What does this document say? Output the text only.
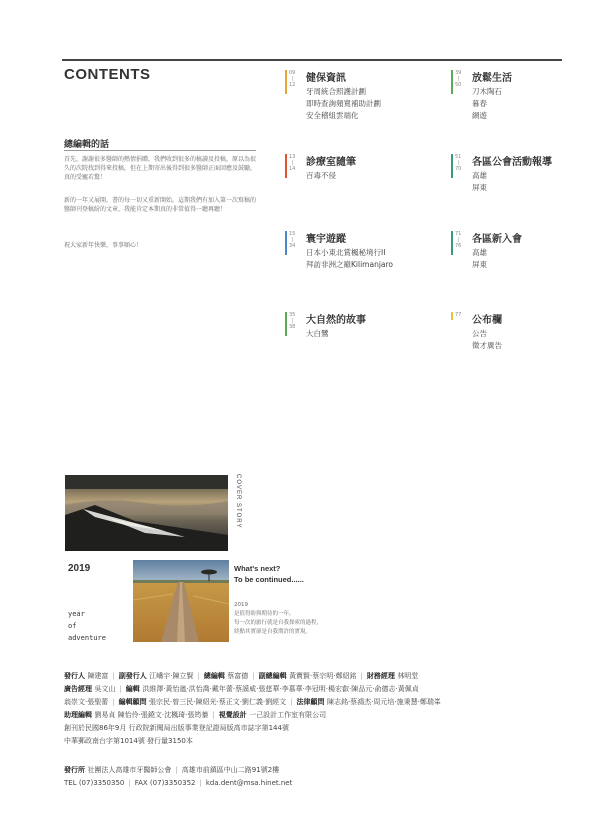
CONTENTS
總編輯的話
首先，謝謝很多醫師的熱情捐贈，我們收到很多的稿讀及投稿，原以為很久的次院找到得來投稿，但在上期寄出後得到很多醫師正面回應及鼓勵，真的受寵若驚！
新的一年又展開，書的每一切又重新開始。這期我們有加入第一次寫稿的醫師刊登稿紛的文章，我能肯定本期真的非常值得一聽再聽！
祝大家新年快樂，事事順心！
09
|
12
健保資訊
牙周統合照護計劃
即時查詢頻寬補助計劃
安全稽組雲端化
13
|
14
診療室隨筆
百毒不侵
15
|
34
寰宇遊蹤
日本小東北賞楓秘境行II
拜訪非洲之巔Kilimanjaro
35
|
38
大自然的故事
大白鷺
39
|
50
放鬆生活
刀木陶石
暮春
網遊
51
|
70
各區公會活動報導
高雄
屏東
71
|
76
各區新入會
高雄
屏東
77	公布欄
公告
徵才廣告
COVER STORY
2019
year
of
adventure
What's next?
To be continued......
2019
是值得盼與期待的一年，
每一次的旅行就是自我探索的過程，
終點其實卻是自我期許的實現。
發行人 陳建富 | 副發行人 江嶠宇‧陳立賢 | 總編輯 蔡富德 | 副總編輯 黃寶賢‧蔡宗明‧鄭紹銘 | 財務經理 林明堂
廣告經理 吳文山 | 編輯 洪維澤‧黃怡嵐‧洪怡喬‧戴年蕾‧蔡謨威‧張莛華‧李慕華‧李冠明‧楊宏叡‧陳品元‧俞德志‧黃佩貞
翁崇文‧張聖蕾 | 編輯顧問 張宗民‧曾三民‧陳紹光‧蔡正文‧劉仁義‧劉經文 | 法律顧問 陳志銘‧蔡鴻杰‧周元培‧施秉慧‧鄭瑞峯
助理編輯 劉易貞 陳怡伶‧張鐃文‧沈楓琦‧張筠蓁 | 視覺設計 一己設計工作室有限公司
創刊於民國86年9月 行政院新聞局出版事業登記證局版高市誌字第144號
中華郵政南台字第1014號 發行量3150本
發行所 社團法人高雄市牙醫師公會 | 高雄市前鎮區中山二路91號2樓
TEL (07)3350350 | FAX (07)3350352 | kda.dent@msa.hinet.net
